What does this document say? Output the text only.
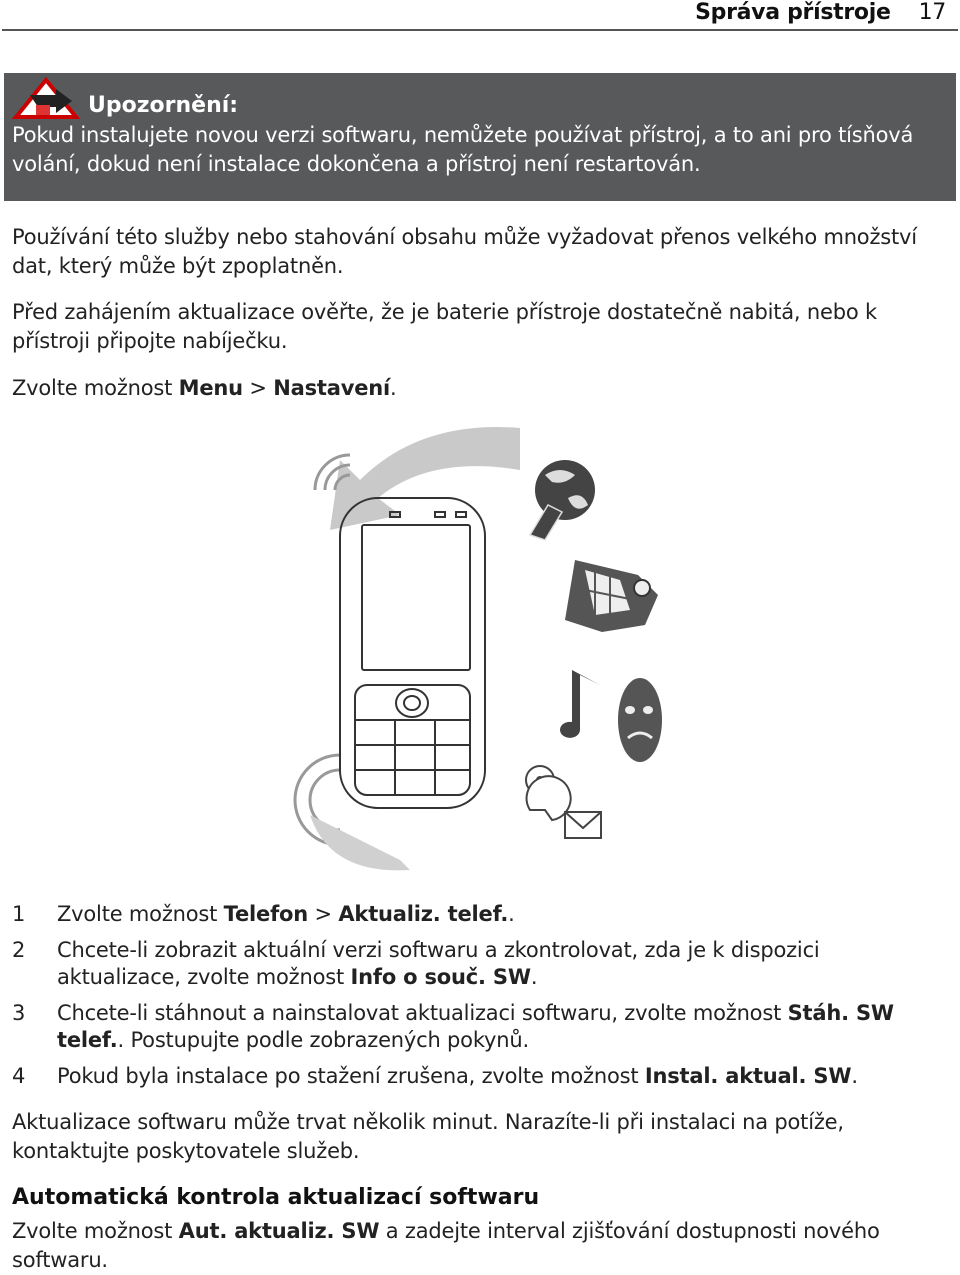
Správa přístroje 17
Upozornění:
Pokud instalujete novou verzi softwaru, nemůžete používat přístroj, a to ani pro tísňová volání, dokud není instalace dokončena a přístroj není restartován.
Používání této služby nebo stahování obsahu může vyžadovat přenos velkého množství dat, který může být zpoplatněn.
Před zahájením aktualizace ověřte, že je baterie přístroje dostatečně nabitá, nebo k přístroji připojte nabíječku.
Zvolte možnost Menu > Nastavení.
1	Zvolte možnost Telefon > Aktualiz. telef..
2	Chcete-li zobrazit aktuální verzi softwaru a zkontrolovat, zda je k dispozici aktualizace, zvolte možnost Info o souč. SW.
3	Chcete-li stáhnout a nainstalovat aktualizaci softwaru, zvolte možnost Stáh. SW telef.. Postupujte podle zobrazených pokynů.
4	Pokud byla instalace po stažení zrušena, zvolte možnost Instal. aktual. SW.
Aktualizace softwaru může trvat několik minut. Narazíte-li při instalaci na potíže, kontaktujte poskytovatele služeb.
Automatická kontrola aktualizací softwaru
Zvolte možnost Aut. aktualiz. SW a zadejte interval zjišťování dostupnosti nového softwaru.
